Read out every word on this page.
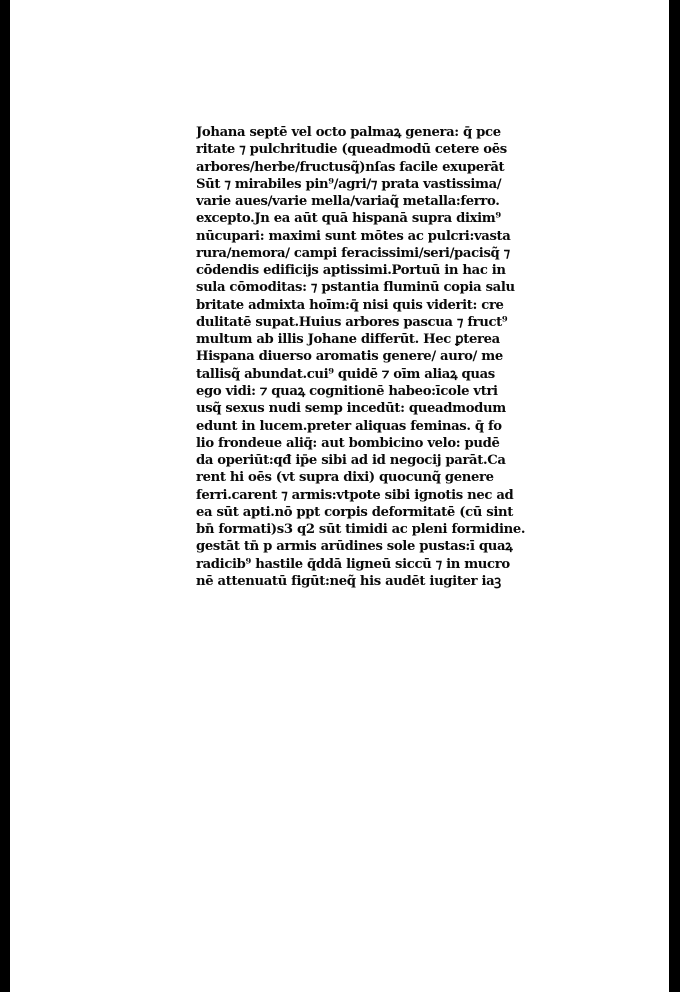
Johana septē vel octo palmaꝝ genera: q̄ pce
ritate ⁊ pulchritudie (queadmodū cetere oēs
arbores/herbe/fructusq̃)nſas facile exuperāt
Sūt ⁊ mirabiles pin⁹/agri/⁊ prata vastissima/
varie aues/varie mella/variaq̃ metalla:ferro.
excepto.Jn ea aūt quā hispanā supra dixim⁹
nūcupari: maximi sunt mōtes ac pulcri:vasta
rura/nemora/ campi feracissimi/seri/pacisq̃ ⁊
cōdendis edificijs aptissimi.Portuū in hac in
sula cōmoditas: ⁊ pstantia fluminū copia salu
britate admixta hoīm:q̄ nisi quis viderit: cre
dulitatē supat.Huius arbores pascua ⁊ fruct⁹
multum ab illis Johane differūt. Hec ꝑterea
Hispana diuerso aromatis genere/ auro/ me
tallisq̃ abundat.cui⁹ quidē ⁊ oīm aliaꝝ quas
ego vidi: ⁊ quaꝝ cognitionē habeo:īcole vtri
usq̃ sexus nudi semp incedūt: queadmodum
edunt in lucem.preter aliquas feminas. q̄ fo
lio frondeue aliq̄: aut bombicino velo: pudē
da operiūt:qđ ip̄e sibi ad id negocij parāt.Ca
rent hi oēs (vt supra dixi) quocunq̃ genere
ferri.carent ⁊ armis:vtpote sibi ignotis nec ad
ea sūt apti.nō ppt corpis deformitatē (cū sint
bn̄ formati)s3 q2 sūt timidi ac pleni formidine.
gestāt tn̄ p armis arūdines sole pustas:ī quaꝝ
radicib⁹ hastile q̄ddā ligneū siccū ⁊ in mucro
nē attenuatū figūt:neq̃ his audēt iugiter iaꝫ
